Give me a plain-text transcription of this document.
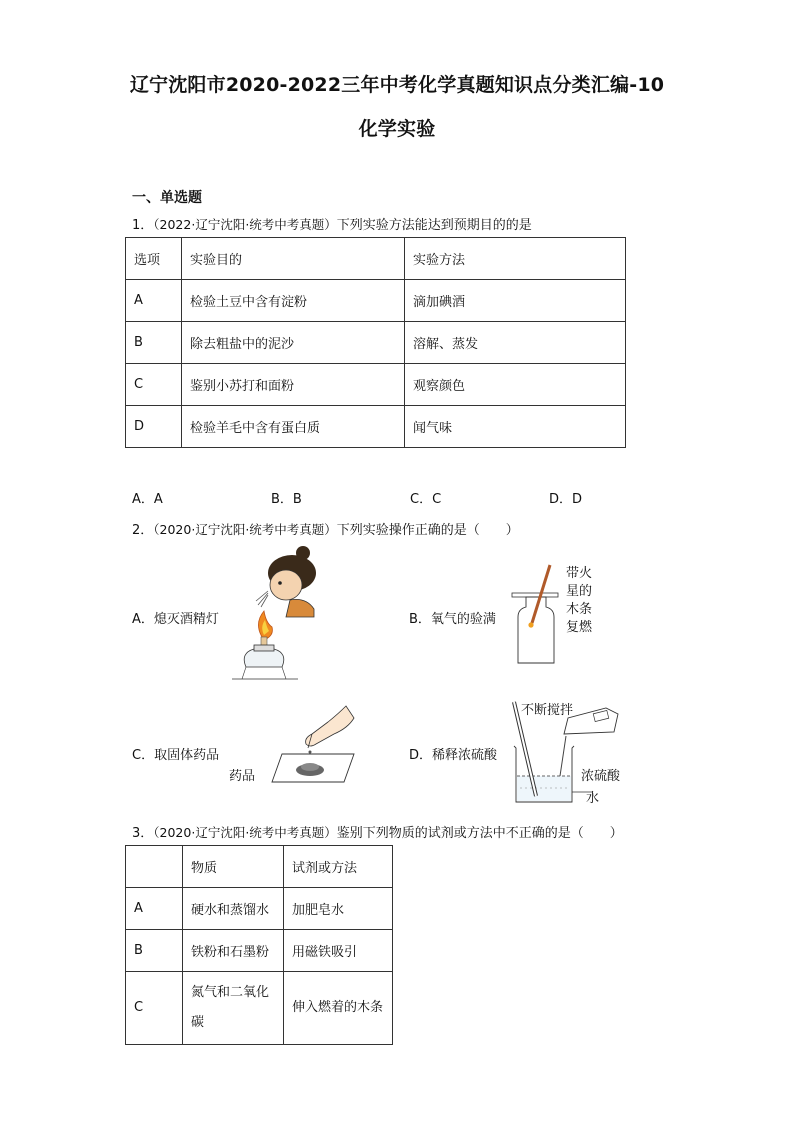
辽宁沈阳市2020-2022三年中考化学真题知识点分类汇编-10
化学实验
一、单选题
1．（2022·辽宁沈阳·统考中考真题）下列实验方法能达到预期目的的是
选项	实验目的	实验方法
A	检验土豆中含有淀粉	滴加碘酒
B	除去粗盐中的泥沙	溶解、蒸发
C	鉴别小苏打和面粉	观察颜色
D	检验羊毛中含有蛋白质	闻气味
A．A	B．B	C．C	D．D
2．（2020·辽宁沈阳·统考中考真题）下列实验操作正确的是（　　）
A．熄灭酒精灯	B．氧气的验满
带火
星的
木条
复燃
C．取固体药品
药品
D．稀释浓硫酸
不断搅拌
浓硫酸
水
3．（2020·辽宁沈阳·统考中考真题）鉴别下列物质的试剂或方法中不正确的是（　　）
	物质	试剂或方法
A	硬水和蒸馏水	加肥皂水
B	铁粉和石墨粉	用磁铁吸引
C	氮气和二氧化碳	伸入燃着的木条
